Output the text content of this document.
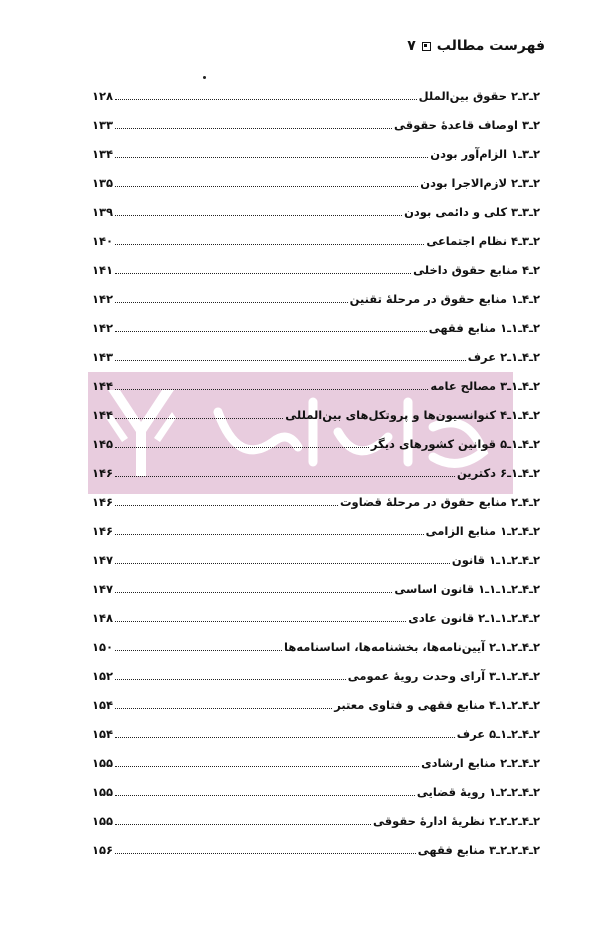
فهرست مطالب
۷
۲ـ۲ـ۲ حقوق بین‌الملل
۱۲۸
۲ـ۳ اوصاف قاعدهٔ حقوقی
۱۳۳
۲ـ۳ـ۱ الزام‌آور بودن
۱۳۴
۲ـ۳ـ۲ لازم‌الاجرا بودن
۱۳۵
۲ـ۳ـ۳ کلی و دائمی بودن
۱۳۹
۲ـ۳ـ۴ نظام اجتماعی
۱۴۰
۲ـ۴ منابع حقوق داخلی
۱۴۱
۲ـ۴ـ۱ منابع حقوق در مرحلهٔ تقنین
۱۴۲
۲ـ۴ـ۱ـ۱ منابع فقهی
۱۴۲
۲ـ۴ـ۱ـ۲ عرف
۱۴۳
۲ـ۴ـ۱ـ۳ مصالح عامه
۱۴۴
۲ـ۴ـ۱ـ۴ کنوانسیون‌ها و پروتکل‌های بین‌المللی
۱۴۴
۲ـ۴ـ۱ـ۵ قوانین کشورهای دیگر
۱۴۵
۲ـ۴ـ۱ـ۶ دکترین
۱۴۶
۲ـ۴ـ۲ منابع حقوق در مرحلهٔ قضاوت
۱۴۶
۲ـ۴ـ۲ـ۱ منابع الزامی
۱۴۶
۲ـ۴ـ۲ـ۱ـ۱ قانون
۱۴۷
۲ـ۴ـ۲ـ۱ـ۱ـ۱ قانون اساسی
۱۴۷
۲ـ۴ـ۲ـ۱ـ۱ـ۲ قانون عادی
۱۴۸
۲ـ۴ـ۲ـ۱ـ۲ آیین‌نامه‌ها، بخشنامه‌ها، اساسنامه‌ها
۱۵۰
۲ـ۴ـ۲ـ۱ـ۳ آرای وحدت رویهٔ عمومی
۱۵۲
۲ـ۴ـ۲ـ۱ـ۴ منابع فقهی و فتاوی معتبر
۱۵۴
۲ـ۴ـ۲ـ۱ـ۵ عرف
۱۵۴
۲ـ۴ـ۲ـ۲ منابع ارشادی
۱۵۵
۲ـ۴ـ۲ـ۲ـ۱ رویهٔ قضایی
۱۵۵
۲ـ۴ـ۲ـ۲ـ۲ نظریهٔ ادارهٔ حقوقی
۱۵۵
۲ـ۴ـ۲ـ۲ـ۳ منابع فقهی
۱۵۶
